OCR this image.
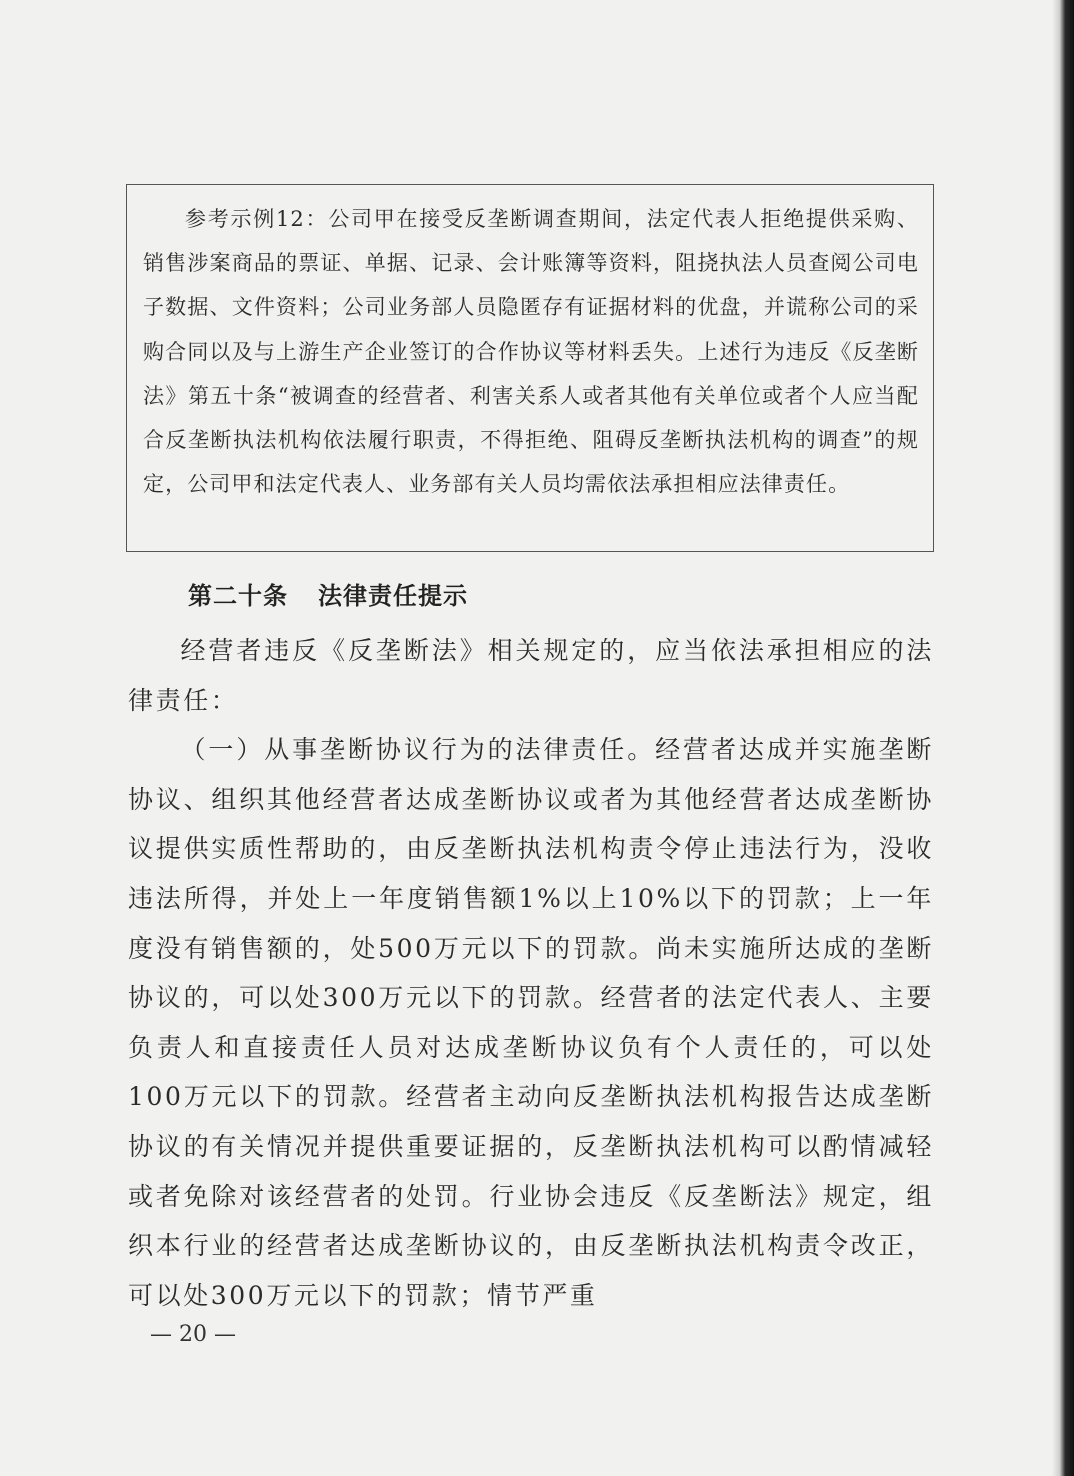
参考示例12：公司甲在接受反垄断调查期间，法定代表人拒绝提供采购、销售涉案商品的票证、单据、记录、会计账簿等资料，阻挠执法人员查阅公司电子数据、文件资料；公司业务部人员隐匿存有证据材料的优盘，并谎称公司的采购合同以及与上游生产企业签订的合作协议等材料丢失。上述行为违反《反垄断法》第五十条“被调查的经营者、利害关系人或者其他有关单位或者个人应当配合反垄断执法机构依法履行职责，不得拒绝、阻碍反垄断执法机构的调查”的规定，公司甲和法定代表人、业务部有关人员均需依法承担相应法律责任。

第二十条 法律责任提示

经营者违反《反垄断法》相关规定的，应当依法承担相应的法律责任：

（一）从事垄断协议行为的法律责任。经营者达成并实施垄断协议、组织其他经营者达成垄断协议或者为其他经营者达成垄断协议提供实质性帮助的，由反垄断执法机构责令停止违法行为，没收违法所得，并处上一年度销售额1%以上10%以下的罚款；上一年度没有销售额的，处500万元以下的罚款。尚未实施所达成的垄断协议的，可以处300万元以下的罚款。经营者的法定代表人、主要负责人和直接责任人员对达成垄断协议负有个人责任的，可以处100万元以下的罚款。经营者主动向反垄断执法机构报告达成垄断协议的有关情况并提供重要证据的，反垄断执法机构可以酌情减轻或者免除对该经营者的处罚。行业协会违反《反垄断法》规定，组织本行业的经营者达成垄断协议的，由反垄断执法机构责令改正，可以处300万元以下的罚款；情节严重

— 20 —
